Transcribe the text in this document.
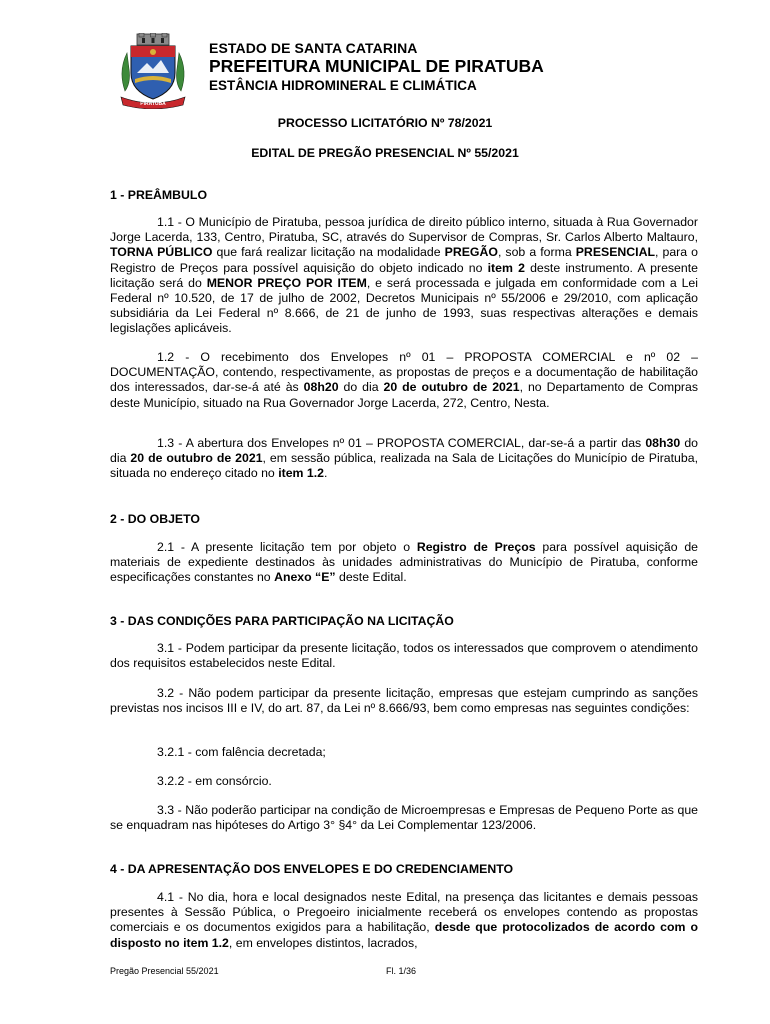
PIRATUBA
ESTADO DE SANTA CATARINA
PREFEITURA MUNICIPAL DE PIRATUBA
ESTÂNCIA HIDROMINERAL E CLIMÁTICA
PROCESSO LICITATÓRIO Nº 78/2021
EDITAL DE PREGÃO PRESENCIAL Nº 55/2021
1 - PREÂMBULO

1.1 - O Município de Piratuba, pessoa jurídica de direito público interno, situada à Rua Governador Jorge Lacerda, 133, Centro, Piratuba, SC, através do Supervisor de Compras, Sr. Carlos Alberto Maltauro, TORNA PÚBLICO que fará realizar licitação na modalidade PREGÃO, sob a forma PRESENCIAL, para o Registro de Preços para possível aquisição do objeto indicado no item 2 deste instrumento. A presente licitação será do MENOR PREÇO POR ITEM, e será processada e julgada em conformidade com a Lei Federal nº 10.520, de 17 de julho de 2002, Decretos Municipais nº 55/2006 e 29/2010, com aplicação subsidiária da Lei Federal nº 8.666, de 21 de junho de 1993, suas respectivas alterações e demais legislações aplicáveis.

1.2 - O recebimento dos Envelopes nº 01 – PROPOSTA COMERCIAL e nº 02 – DOCUMENTAÇÃO, contendo, respectivamente, as propostas de preços e a documentação de habilitação dos interessados, dar-se-á até às 08h20 do dia 20 de outubro de 2021, no Departamento de Compras deste Município, situado na Rua Governador Jorge Lacerda, 272, Centro, Nesta.

1.3 - A abertura dos Envelopes nº 01 – PROPOSTA COMERCIAL, dar-se-á a partir das 08h30 do dia 20 de outubro de 2021, em sessão pública, realizada na Sala de Licitações do Município de Piratuba, situada no endereço citado no item 1.2.

2 - DO OBJETO

2.1 - A presente licitação tem por objeto o Registro de Preços para possível aquisição de materiais de expediente destinados às unidades administrativas do Município de Piratuba, conforme especificações constantes no Anexo “E” deste Edital.

3 - DAS CONDIÇÕES PARA PARTICIPAÇÃO NA LICITAÇÃO

3.1 - Podem participar da presente licitação, todos os interessados que comprovem o atendimento dos requisitos estabelecidos neste Edital.

3.2 - Não podem participar da presente licitação, empresas que estejam cumprindo as sanções previstas nos incisos III e IV, do art. 87, da Lei nº 8.666/93, bem como empresas nas seguintes condições:

3.2.1 - com falência decretada;
3.2.2 - em consórcio.

3.3 - Não poderão participar na condição de Microempresas e Empresas de Pequeno Porte as que se enquadram nas hipóteses do Artigo 3° §4° da Lei Complementar 123/2006.

4 - DA APRESENTAÇÃO DOS ENVELOPES E DO CREDENCIAMENTO

4.1 - No dia, hora e local designados neste Edital, na presença das licitantes e demais pessoas presentes à Sessão Pública, o Pregoeiro inicialmente receberá os envelopes contendo as propostas comerciais e os documentos exigidos para a habilitação, desde que protocolizados de acordo com o disposto no item 1.2, em envelopes distintos, lacrados,

Pregão Presencial 55/2021	Fl. 1/36
